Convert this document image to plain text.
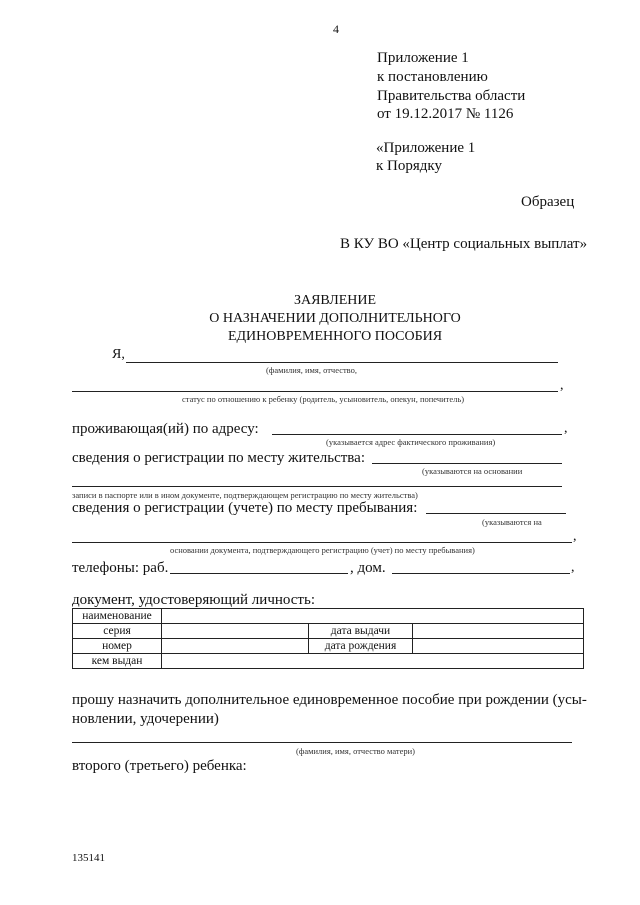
4
Приложение 1
к постановлению
Правительства области
от 19.12.2017 № 1126
«Приложение 1
к Порядку
Образец
В КУ ВО «Центр социальных выплат»
ЗАЯВЛЕНИЕ
О НАЗНАЧЕНИИ ДОПОЛНИТЕЛЬНОГО
ЕДИНОВРЕМЕННОГО ПОСОБИЯ
Я,
(фамилия, имя, отчество,
,
статус по отношению к ребенку (родитель, усыновитель, опекун, попечитель)
проживающая(ий) по адресу:	,
(указывается адрес фактического проживания)
сведения о регистрации по месту жительства:
(указываются на основании
записи в паспорте или в ином документе, подтверждающем регистрацию по месту жительства)
сведения о регистрации (учете) по месту пребывания:
(указываются на
,
основании документа, подтверждающего регистрацию (учет) по месту пребывания)
телефоны: раб.	, дом.	,
документ, удостоверяющий личность:
наименование			
серия		дата выдачи	
номер		дата рождения	
кем выдан			
прошу назначить дополнительное единовременное пособие при рождении (усы-
новлении, удочерении)
(фамилия, имя, отчество матери)
второго (третьего) ребенка:
135141
